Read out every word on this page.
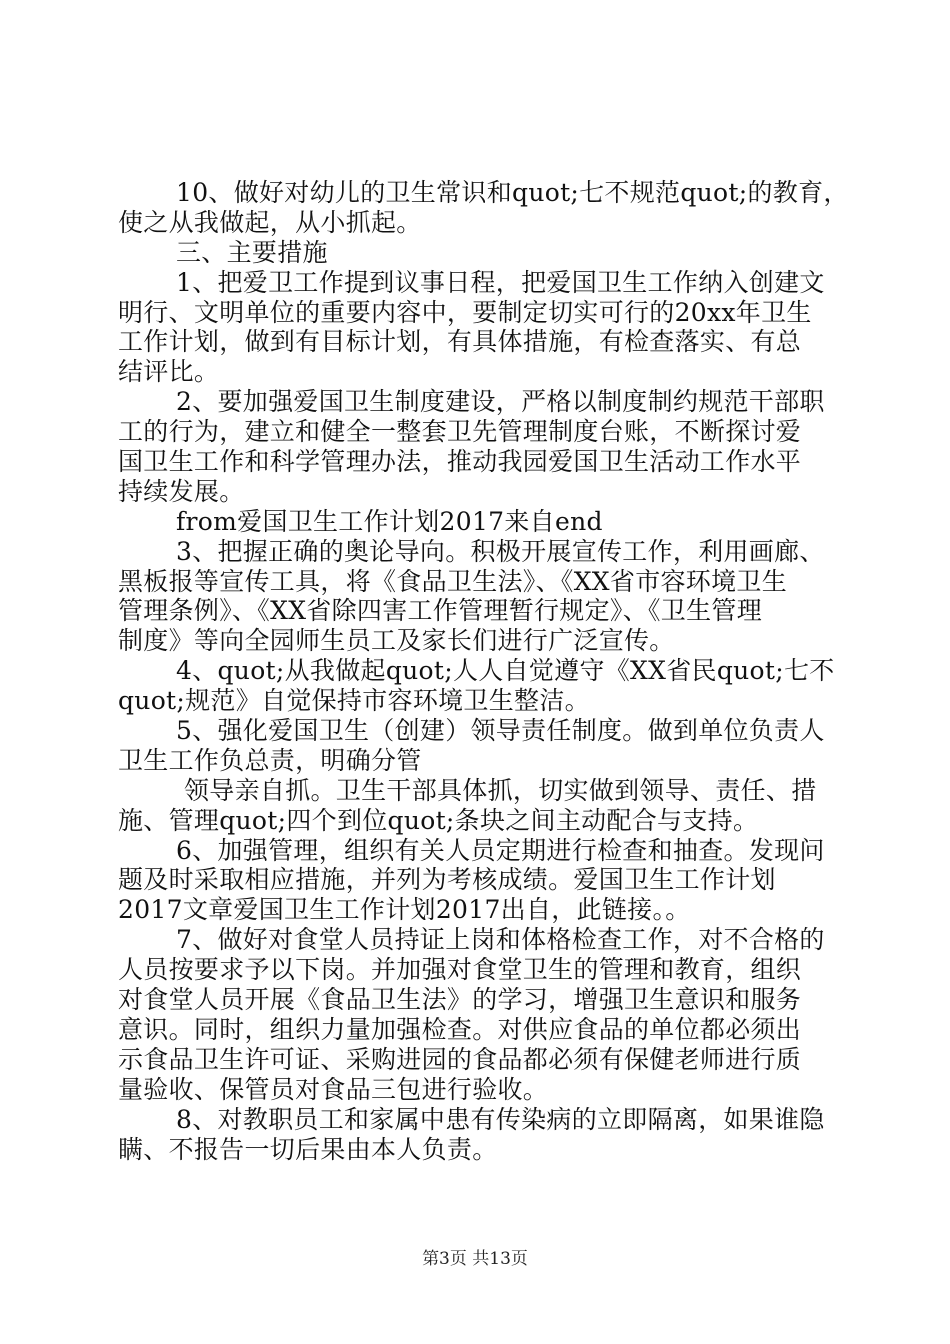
10、做好对幼儿的卫生常识和quot;七不规范quot;的教育，
使之从我做起，从小抓起。
三、主要措施
1、把爱卫工作提到议事日程，把爱国卫生工作纳入创建文
明行、文明单位的重要内容中，要制定切实可行的20xx年卫生
工作计划，做到有目标计划，有具体措施，有检查落实、有总
结评比。
2、要加强爱国卫生制度建设，严格以制度制约规范干部职
工的行为，建立和健全一整套卫先管理制度台账，不断探讨爱
国卫生工作和科学管理办法，推动我园爱国卫生活动工作水平
持续发展。
from爱国卫生工作计划2017来自end
3、把握正确的奥论导向。积极开展宣传工作，利用画廊、
黑板报等宣传工具，将《食品卫生法》、《XX省市容环境卫生
管理条例》、《XX省除四害工作管理暂行规定》、《卫生管理
制度》等向全园师生员工及家长们进行广泛宣传。
4、quot;从我做起quot;人人自觉遵守《XX省民quot;七不
quot;规范》自觉保持市容环境卫生整洁。
5、强化爱国卫生（创建）领导责任制度。做到单位负责人
卫生工作负总责，明确分管
领导亲自抓。卫生干部具体抓，切实做到领导、责任、措
施、管理quot;四个到位quot;条块之间主动配合与支持。
6、加强管理，组织有关人员定期进行检查和抽查。发现问
题及时采取相应措施，并列为考核成绩。爱国卫生工作计划
2017文章爱国卫生工作计划2017出自，此链接。。
7、做好对食堂人员持证上岗和体格检查工作，对不合格的
人员按要求予以下岗。并加强对食堂卫生的管理和教育，组织
对食堂人员开展《食品卫生法》的学习，增强卫生意识和服务
意识。同时，组织力量加强检查。对供应食品的单位都必须出
示食品卫生许可证、采购进园的食品都必须有保健老师进行质
量验收、保管员对食品三包进行验收。
8、对教职员工和家属中患有传染病的立即隔离，如果谁隐
瞒、不报告一切后果由本人负责。
第3页 共13页
